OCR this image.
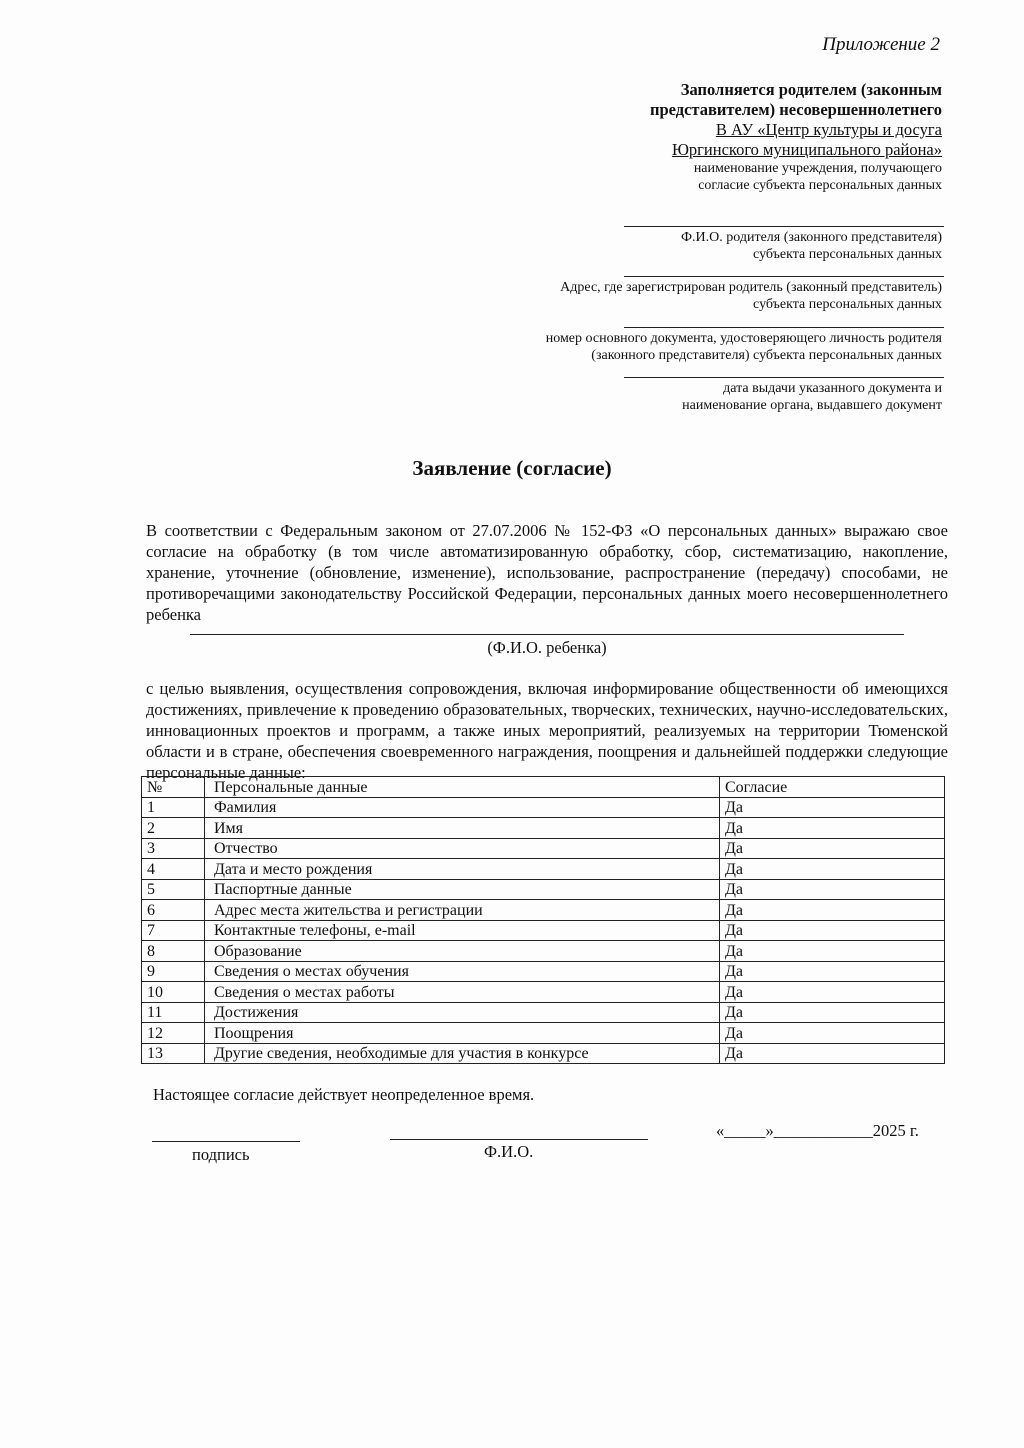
Приложение 2
Заполняется родителем (законным
представителем) несовершеннолетнего
В АУ «Центр культуры и досуга
Юргинского муниципального района»
наименование учреждения, получающего
согласие субъекта персональных данных
Ф.И.О. родителя (законного представителя)
субъекта персональных данных
Адрес, где зарегистрирован родитель (законный представитель)
субъекта персональных данных
номер основного документа, удостоверяющего личность родителя
(законного представителя) субъекта персональных данных
дата выдачи указанного документа и
наименование органа, выдавшего документ
Заявление (согласие)

В соответствии с Федеральным законом от 27.07.2006 № 152-ФЗ «О персональных данных» выражаю свое согласие на обработку (в том числе автоматизированную обработку, сбор, систематизацию, накопление, хранение, уточнение (обновление, изменение), использование, распространение (передачу) способами, не противоречащими законодательству Российской Федерации, персональных данных моего несовершеннолетнего ребенка

(Ф.И.О. ребенка)

с целью выявления, осуществления сопровождения, включая информирование общественности об имеющихся достижениях, привлечение к проведению образовательных, творческих, технических, научно-исследовательских, инновационных проектов и программ, а также иных мероприятий, реализуемых на территории Тюменской области и в стране, обеспечения своевременного награждения, поощрения и дальнейшей поддержки следующие персональные данные:

№	Персональные данные	Согласие
1	Фамилия	Да
2	Имя	Да
3	Отчество	Да
4	Дата и место рождения	Да
5	Паспортные данные	Да
6	Адрес места жительства и регистрации	Да
7	Контактные телефоны, e-mail	Да
8	Образование	Да
9	Сведения о местах обучения	Да
10	Сведения о местах работы	Да
11	Достижения	Да
12	Поощрения	Да
13	Другие сведения, необходимые для участия в конкурсе	Да
Настоящее согласие действует неопределенное время.
подпись	Ф.И.О.
«_____»____________2025 г.
